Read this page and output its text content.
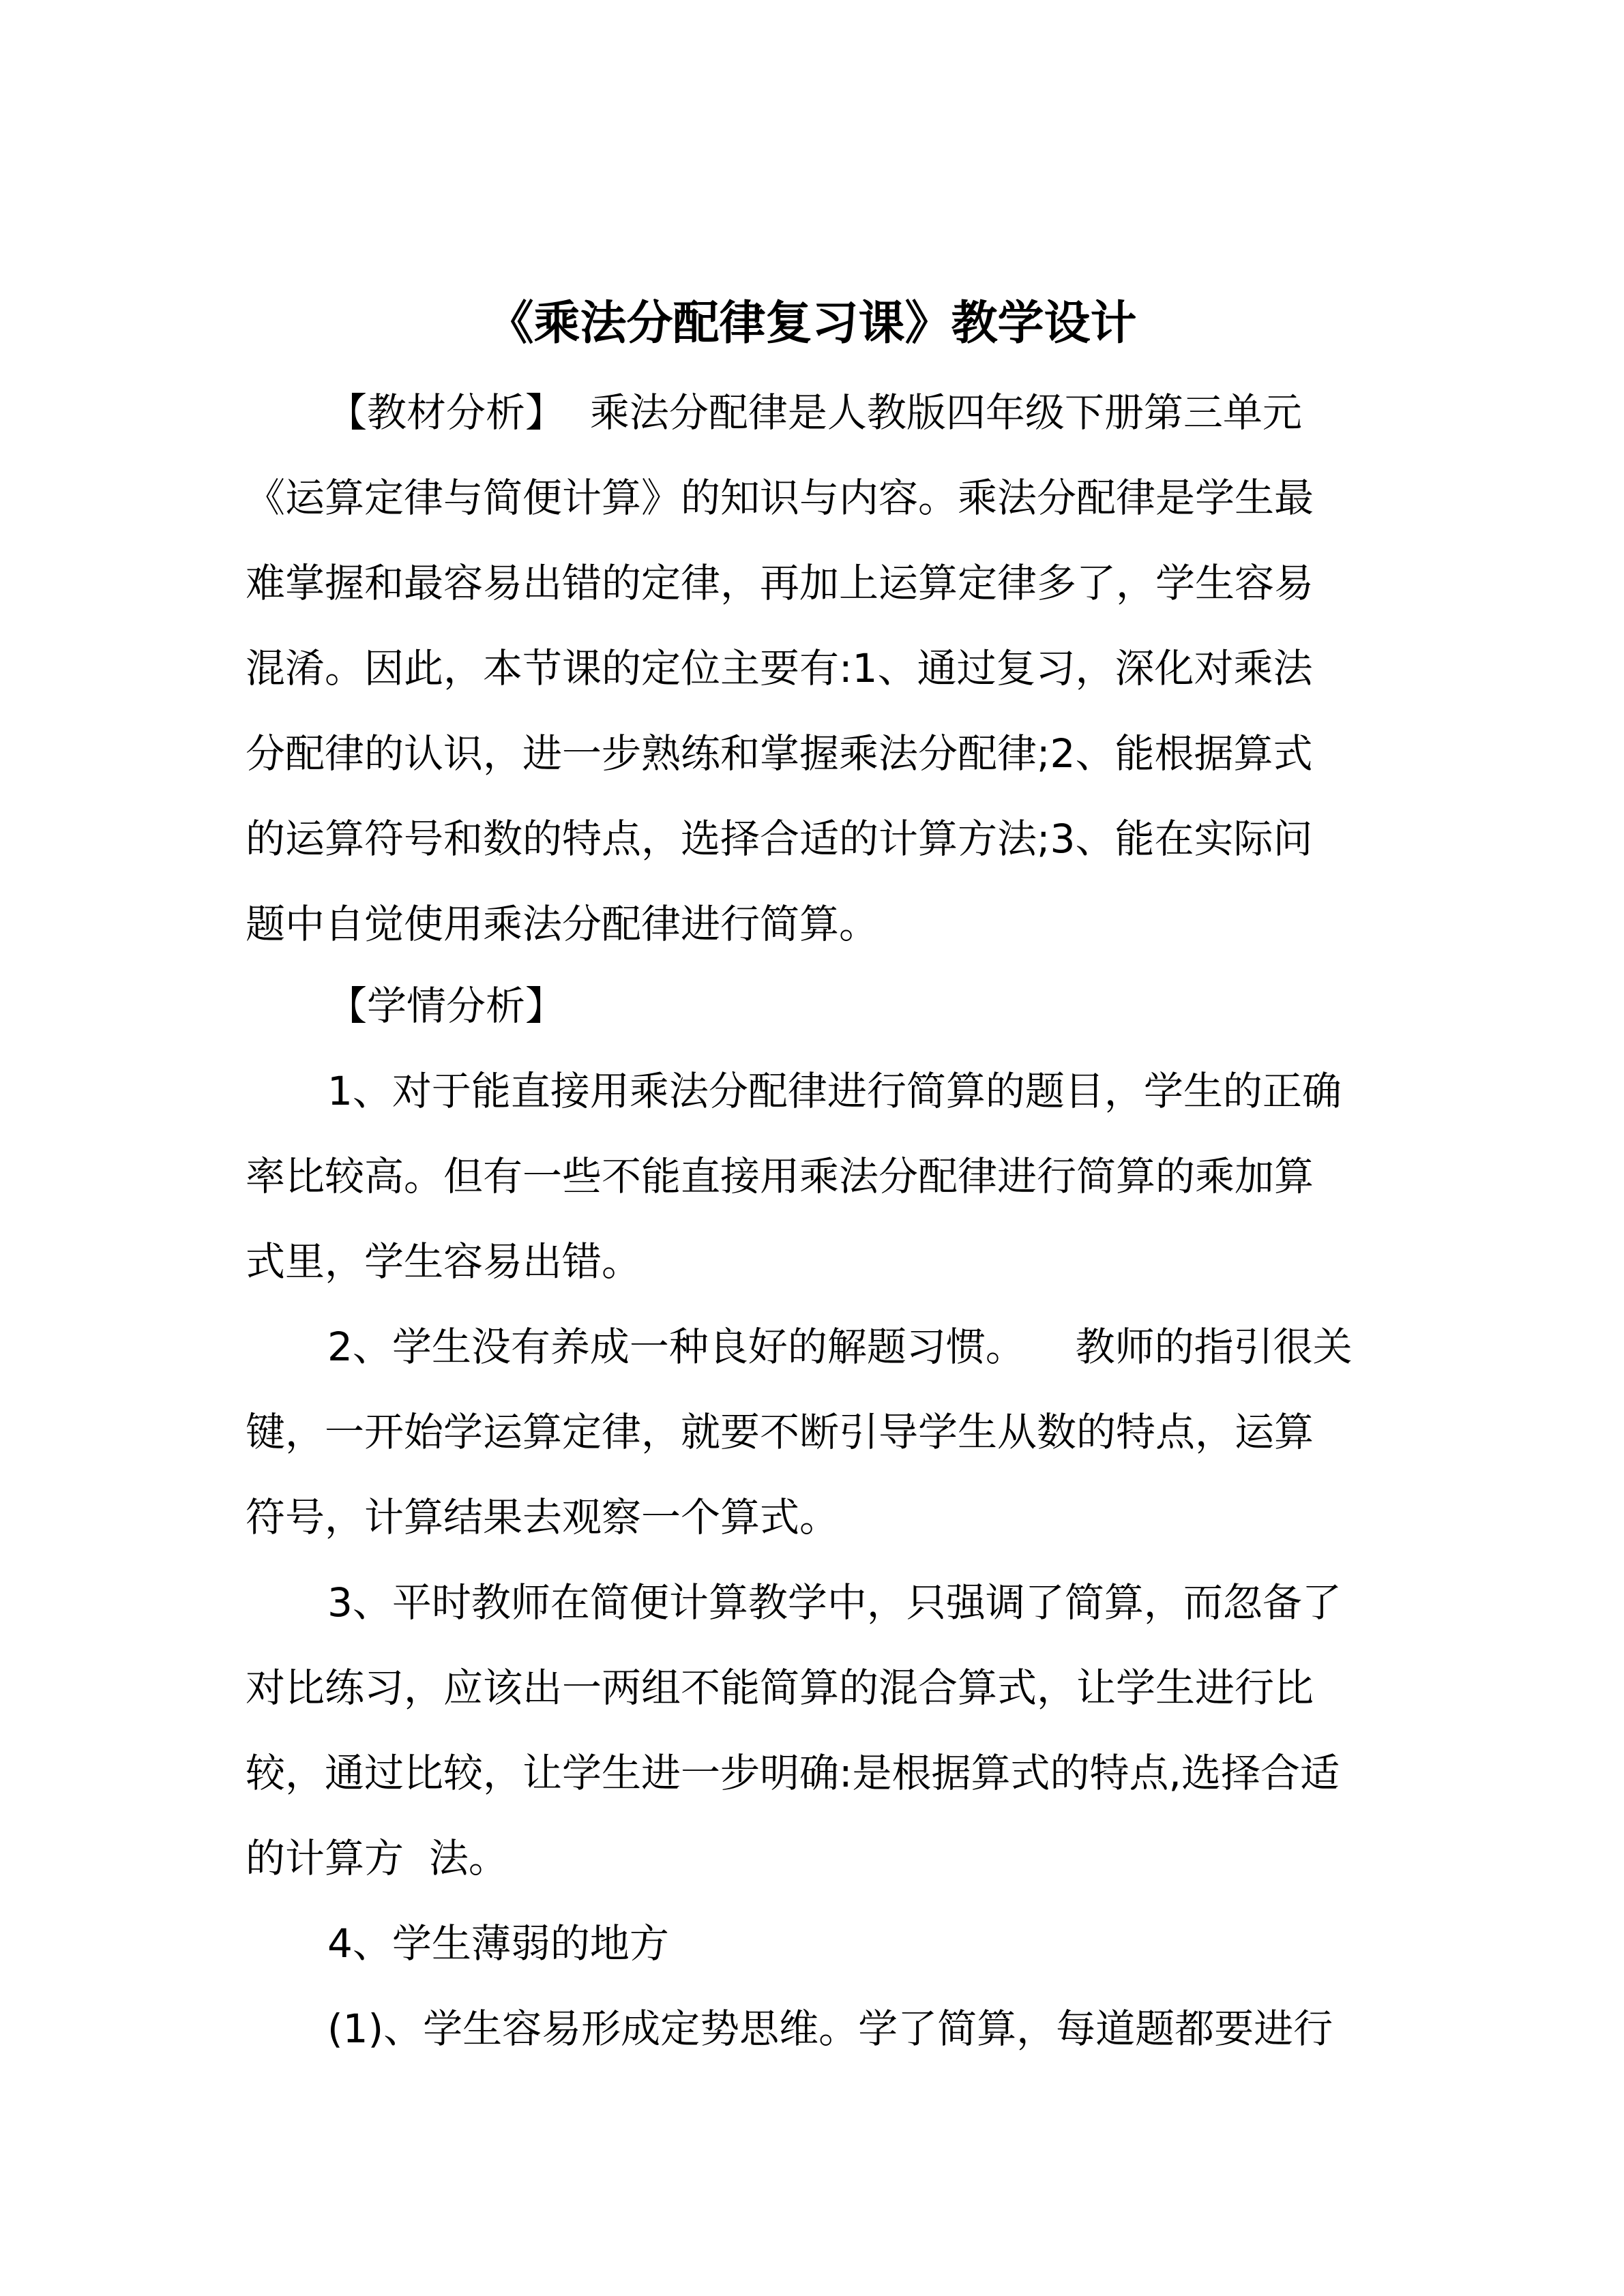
《乘法分配律复习课》教学设计
【教材分析】  乘法分配律是人教版四年级下册第三单元
《运算定律与简便计算》的知识与内容。乘法分配律是学生最
难掌握和最容易出错的定律，再加上运算定律多了，学生容易
混淆。因此，本节课的定位主要有:1、通过复习，深化对乘法
分配律的认识，进一步熟练和掌握乘法分配律;2、能根据算式
的运算符号和数的特点，选择合适的计算方法;3、能在实际问
题中自觉使用乘法分配律进行简算。
【学情分析】
1、对于能直接用乘法分配律进行简算的题目，学生的正确
率比较高。但有一些不能直接用乘法分配律进行简算的乘加算
式里，学生容易出错。
2、学生没有养成一种良好的解题习惯。    教师的指引很关
键，一开始学运算定律，就要不断引导学生从数的特点，运算
符号，计算结果去观察一个算式。
3、平时教师在简便计算教学中，只强调了简算，而忽备了
对比练习，应该出一两组不能简算的混合算式，让学生进行比
较，通过比较，让学生进一步明确:是根据算式的特点,选择合适
的计算方  法。
4、学生薄弱的地方
(1)、学生容易形成定势思维。学了简算，每道题都要进行
